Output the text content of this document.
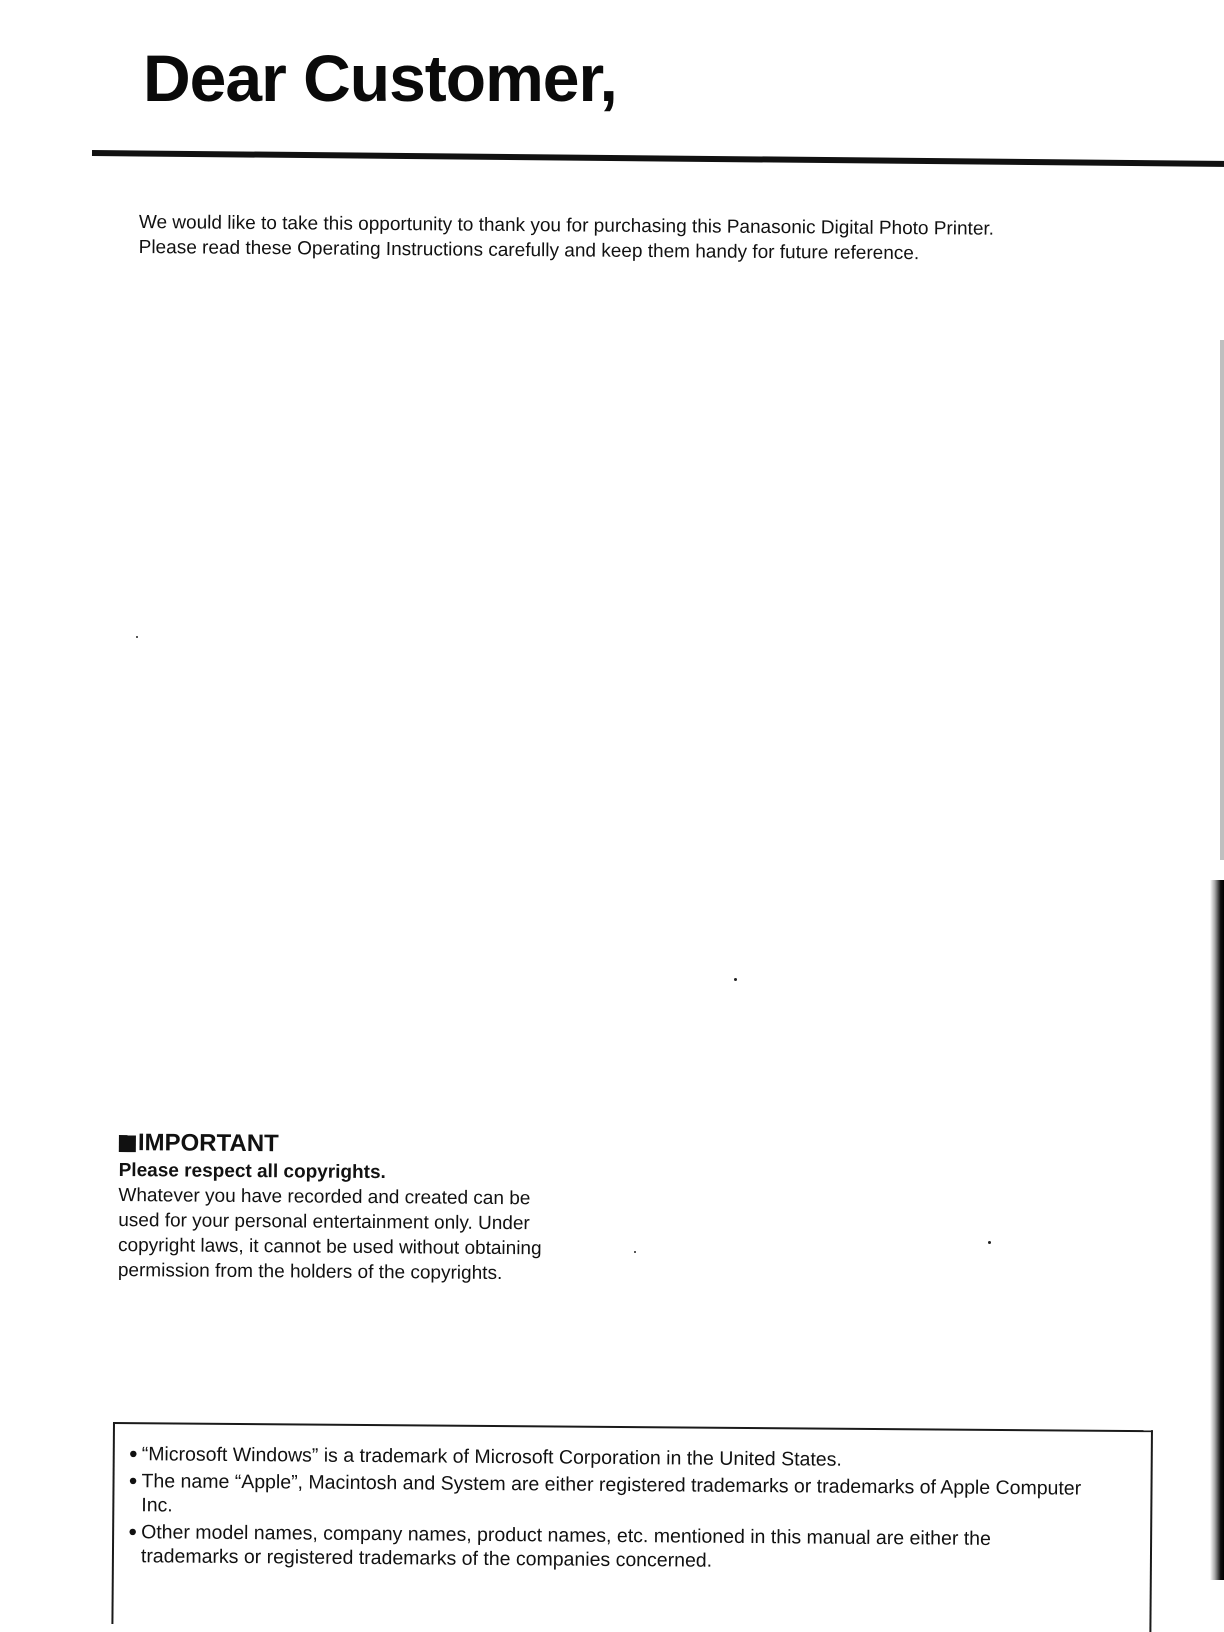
Dear Customer,

We would like to take this opportunity to thank you for purchasing this Panasonic Digital Photo Printer.

Please read these Operating Instructions carefully and keep them handy for future reference.

IMPORTANT

Please respect all copyrights.

Whatever you have recorded and created can be

used for your personal entertainment only. Under

copyright laws, it cannot be used without obtaining

permission from the holders of the copyrights.

● “Microsoft Windows” is a trademark of Microsoft Corporation in the United States.
● The name “Apple”, Macintosh and System are either registered trademarks or trademarks of Apple Computer
Inc.
● Other model names, company names, product names, etc. mentioned in this manual are either the
trademarks or registered trademarks of the companies concerned.
